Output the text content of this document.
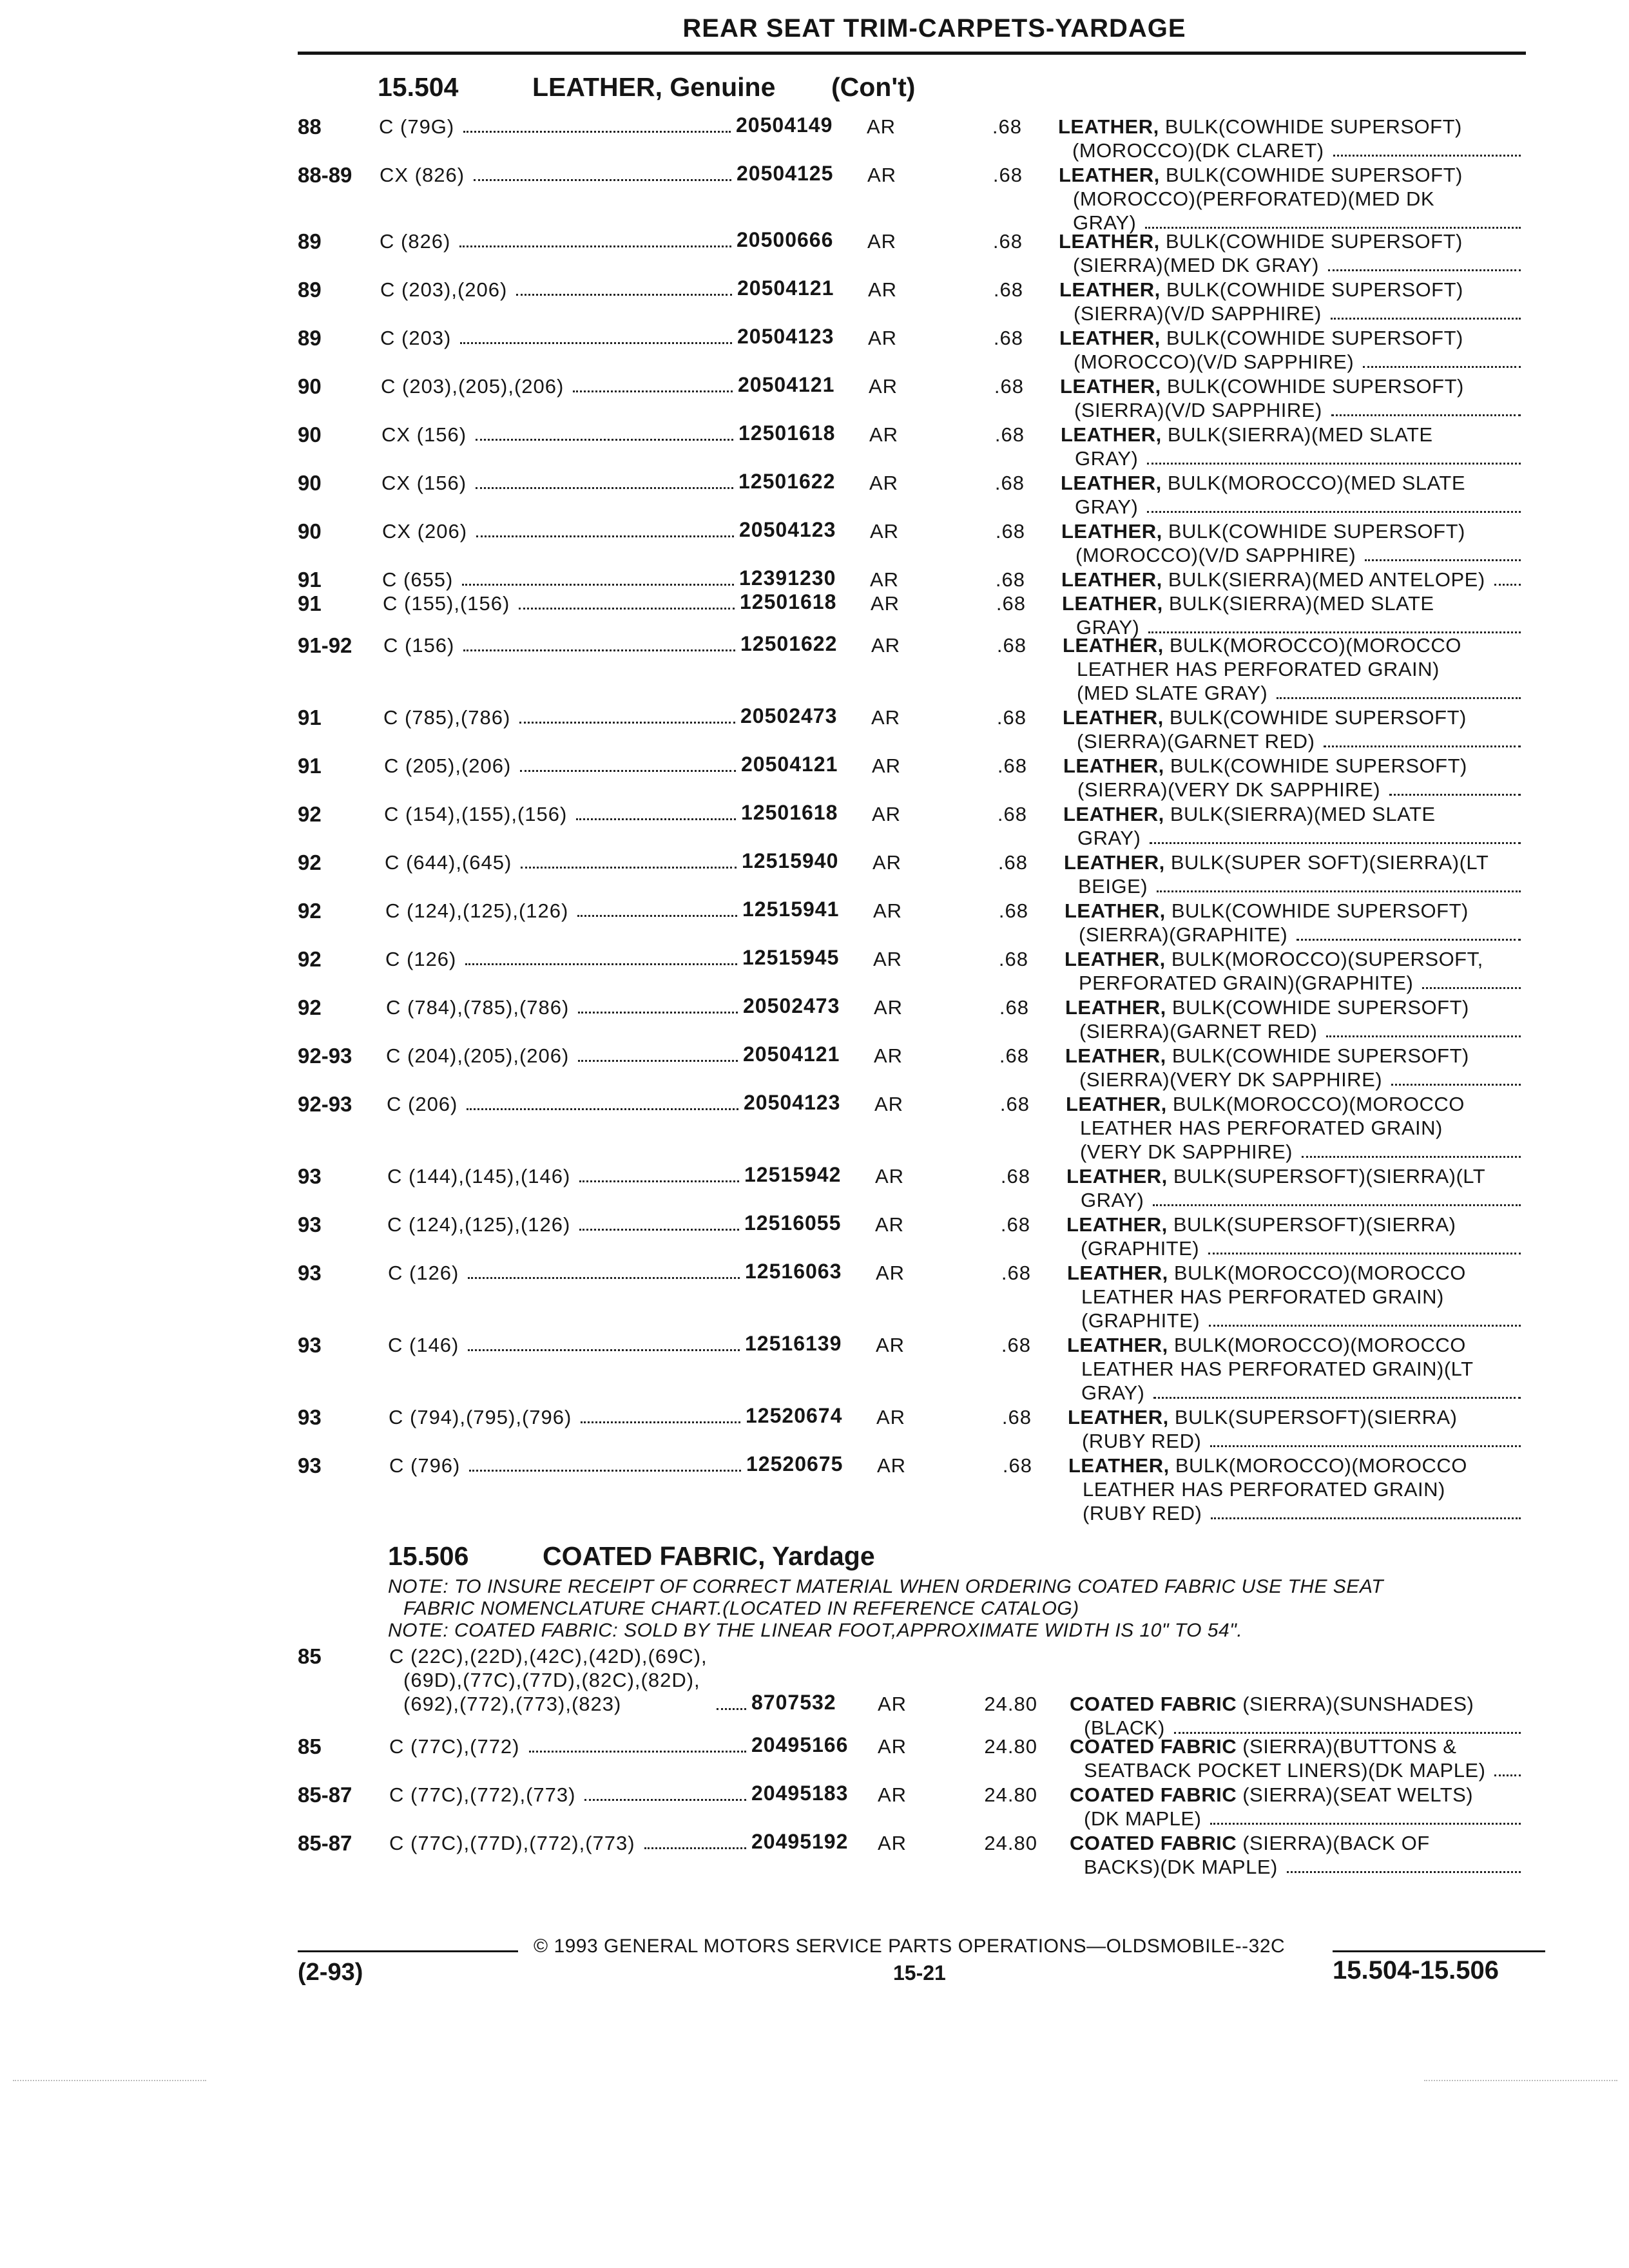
REAR SEAT TRIM-CARPETS-YARDAGE
15.504	LEATHER, Genuine (Con't)
15.506	COATED FABRIC, Yardage
NOTE: TO INSURE RECEIPT OF CORRECT MATERIAL WHEN ORDERING COATED FABRIC USE THE SEAT
FABRIC NOMENCLATURE CHART.(LOCATED IN REFERENCE CATALOG)
NOTE: COATED FABRIC: SOLD BY THE LINEAR FOOT,APPROXIMATE WIDTH IS 10" TO 54".
88	C (79G)	20504149 AR	.68 LEATHER, BULK(COWHIDE SUPERSOFT)
(MOROCCO)(DK CLARET)
88-89 CX (826)	20504125 AR	.68 LEATHER, BULK(COWHIDE SUPERSOFT)
(MOROCCO)(PERFORATED)(MED DK
GRAY)
89	C (826)	20500666 AR	.68 LEATHER, BULK(COWHIDE SUPERSOFT)
(SIERRA)(MED DK GRAY)
89	C (203),(206)	20504121 AR	.68 LEATHER, BULK(COWHIDE SUPERSOFT)
(SIERRA)(V/D SAPPHIRE)
89	C (203)	20504123 AR	.68 LEATHER, BULK(COWHIDE SUPERSOFT)
(MOROCCO)(V/D SAPPHIRE)
90	C (203),(205),(206)	20504121 AR	.68 LEATHER, BULK(COWHIDE SUPERSOFT)
(SIERRA)(V/D SAPPHIRE)
90	CX (156)	12501618 AR	.68 LEATHER, BULK(SIERRA)(MED SLATE
GRAY)
90	CX (156)	12501622 AR	.68 LEATHER, BULK(MOROCCO)(MED SLATE
GRAY)
90	CX (206)	20504123 AR	.68 LEATHER, BULK(COWHIDE SUPERSOFT)
(MOROCCO)(V/D SAPPHIRE)
91	C (655)	12391230 AR	.68 LEATHER, BULK(SIERRA)(MED ANTELOPE)
91	C (155),(156)	12501618 AR	.68 LEATHER, BULK(SIERRA)(MED SLATE
GRAY)
91-92 C (156)	12501622 AR	.68 LEATHER, BULK(MOROCCO)(MOROCCO
LEATHER HAS PERFORATED GRAIN)
(MED SLATE GRAY)
91	C (785),(786)	20502473 AR	.68 LEATHER, BULK(COWHIDE SUPERSOFT)
(SIERRA)(GARNET RED)
91	C (205),(206)	20504121 AR	.68 LEATHER, BULK(COWHIDE SUPERSOFT)
(SIERRA)(VERY DK SAPPHIRE)
92	C (154),(155),(156)	12501618 AR	.68 LEATHER, BULK(SIERRA)(MED SLATE
GRAY)
92	C (644),(645)	12515940 AR	.68 LEATHER, BULK(SUPER SOFT)(SIERRA)(LT
BEIGE)
92	C (124),(125),(126)	12515941 AR	.68 LEATHER, BULK(COWHIDE SUPERSOFT)
(SIERRA)(GRAPHITE)
92	C (126)	12515945 AR	.68 LEATHER, BULK(MOROCCO)(SUPERSOFT,
PERFORATED GRAIN)(GRAPHITE)
92	C (784),(785),(786)	20502473 AR	.68 LEATHER, BULK(COWHIDE SUPERSOFT)
(SIERRA)(GARNET RED)
92-93 C (204),(205),(206)	20504121 AR	.68 LEATHER, BULK(COWHIDE SUPERSOFT)
(SIERRA)(VERY DK SAPPHIRE)
92-93 C (206)	20504123 AR	.68 LEATHER, BULK(MOROCCO)(MOROCCO
LEATHER HAS PERFORATED GRAIN)
(VERY DK SAPPHIRE)
93	C (144),(145),(146)	12515942 AR	.68 LEATHER, BULK(SUPERSOFT)(SIERRA)(LT
GRAY)
93	C (124),(125),(126)	12516055 AR	.68 LEATHER, BULK(SUPERSOFT)(SIERRA)
(GRAPHITE)
93	C (126)	12516063 AR	.68 LEATHER, BULK(MOROCCO)(MOROCCO
LEATHER HAS PERFORATED GRAIN)
(GRAPHITE)
93	C (146)	12516139 AR	.68 LEATHER, BULK(MOROCCO)(MOROCCO
LEATHER HAS PERFORATED GRAIN)(LT
GRAY)
93	C (794),(795),(796)	12520674 AR	.68 LEATHER, BULK(SUPERSOFT)(SIERRA)
(RUBY RED)
93	C (796)	12520675 AR	.68 LEATHER, BULK(MOROCCO)(MOROCCO
LEATHER HAS PERFORATED GRAIN)
(RUBY RED)
85	C (22C),(22D),(42C),(42D),(69C),
(69D),(77C),(77D),(82C),(82D),
(692),(772),(773),(823)	8707532 AR	24.80 COATED FABRIC (SIERRA)(SUNSHADES)
(BLACK)
85	C (77C),(772)	20495166 AR	24.80 COATED FABRIC (SIERRA)(BUTTONS &
SEATBACK POCKET LINERS)(DK MAPLE)
85-87 C (77C),(772),(773)	20495183 AR	24.80 COATED FABRIC (SIERRA)(SEAT WELTS)
(DK MAPLE)
85-87 C (77C),(77D),(772),(773)	20495192 AR	24.80 COATED FABRIC (SIERRA)(BACK OF
BACKS)(DK MAPLE)
© 1993 GENERAL MOTORS SERVICE PARTS OPERATIONS—OLDSMOBILE--32C
(2-93)	15-21	15.504-15.506
